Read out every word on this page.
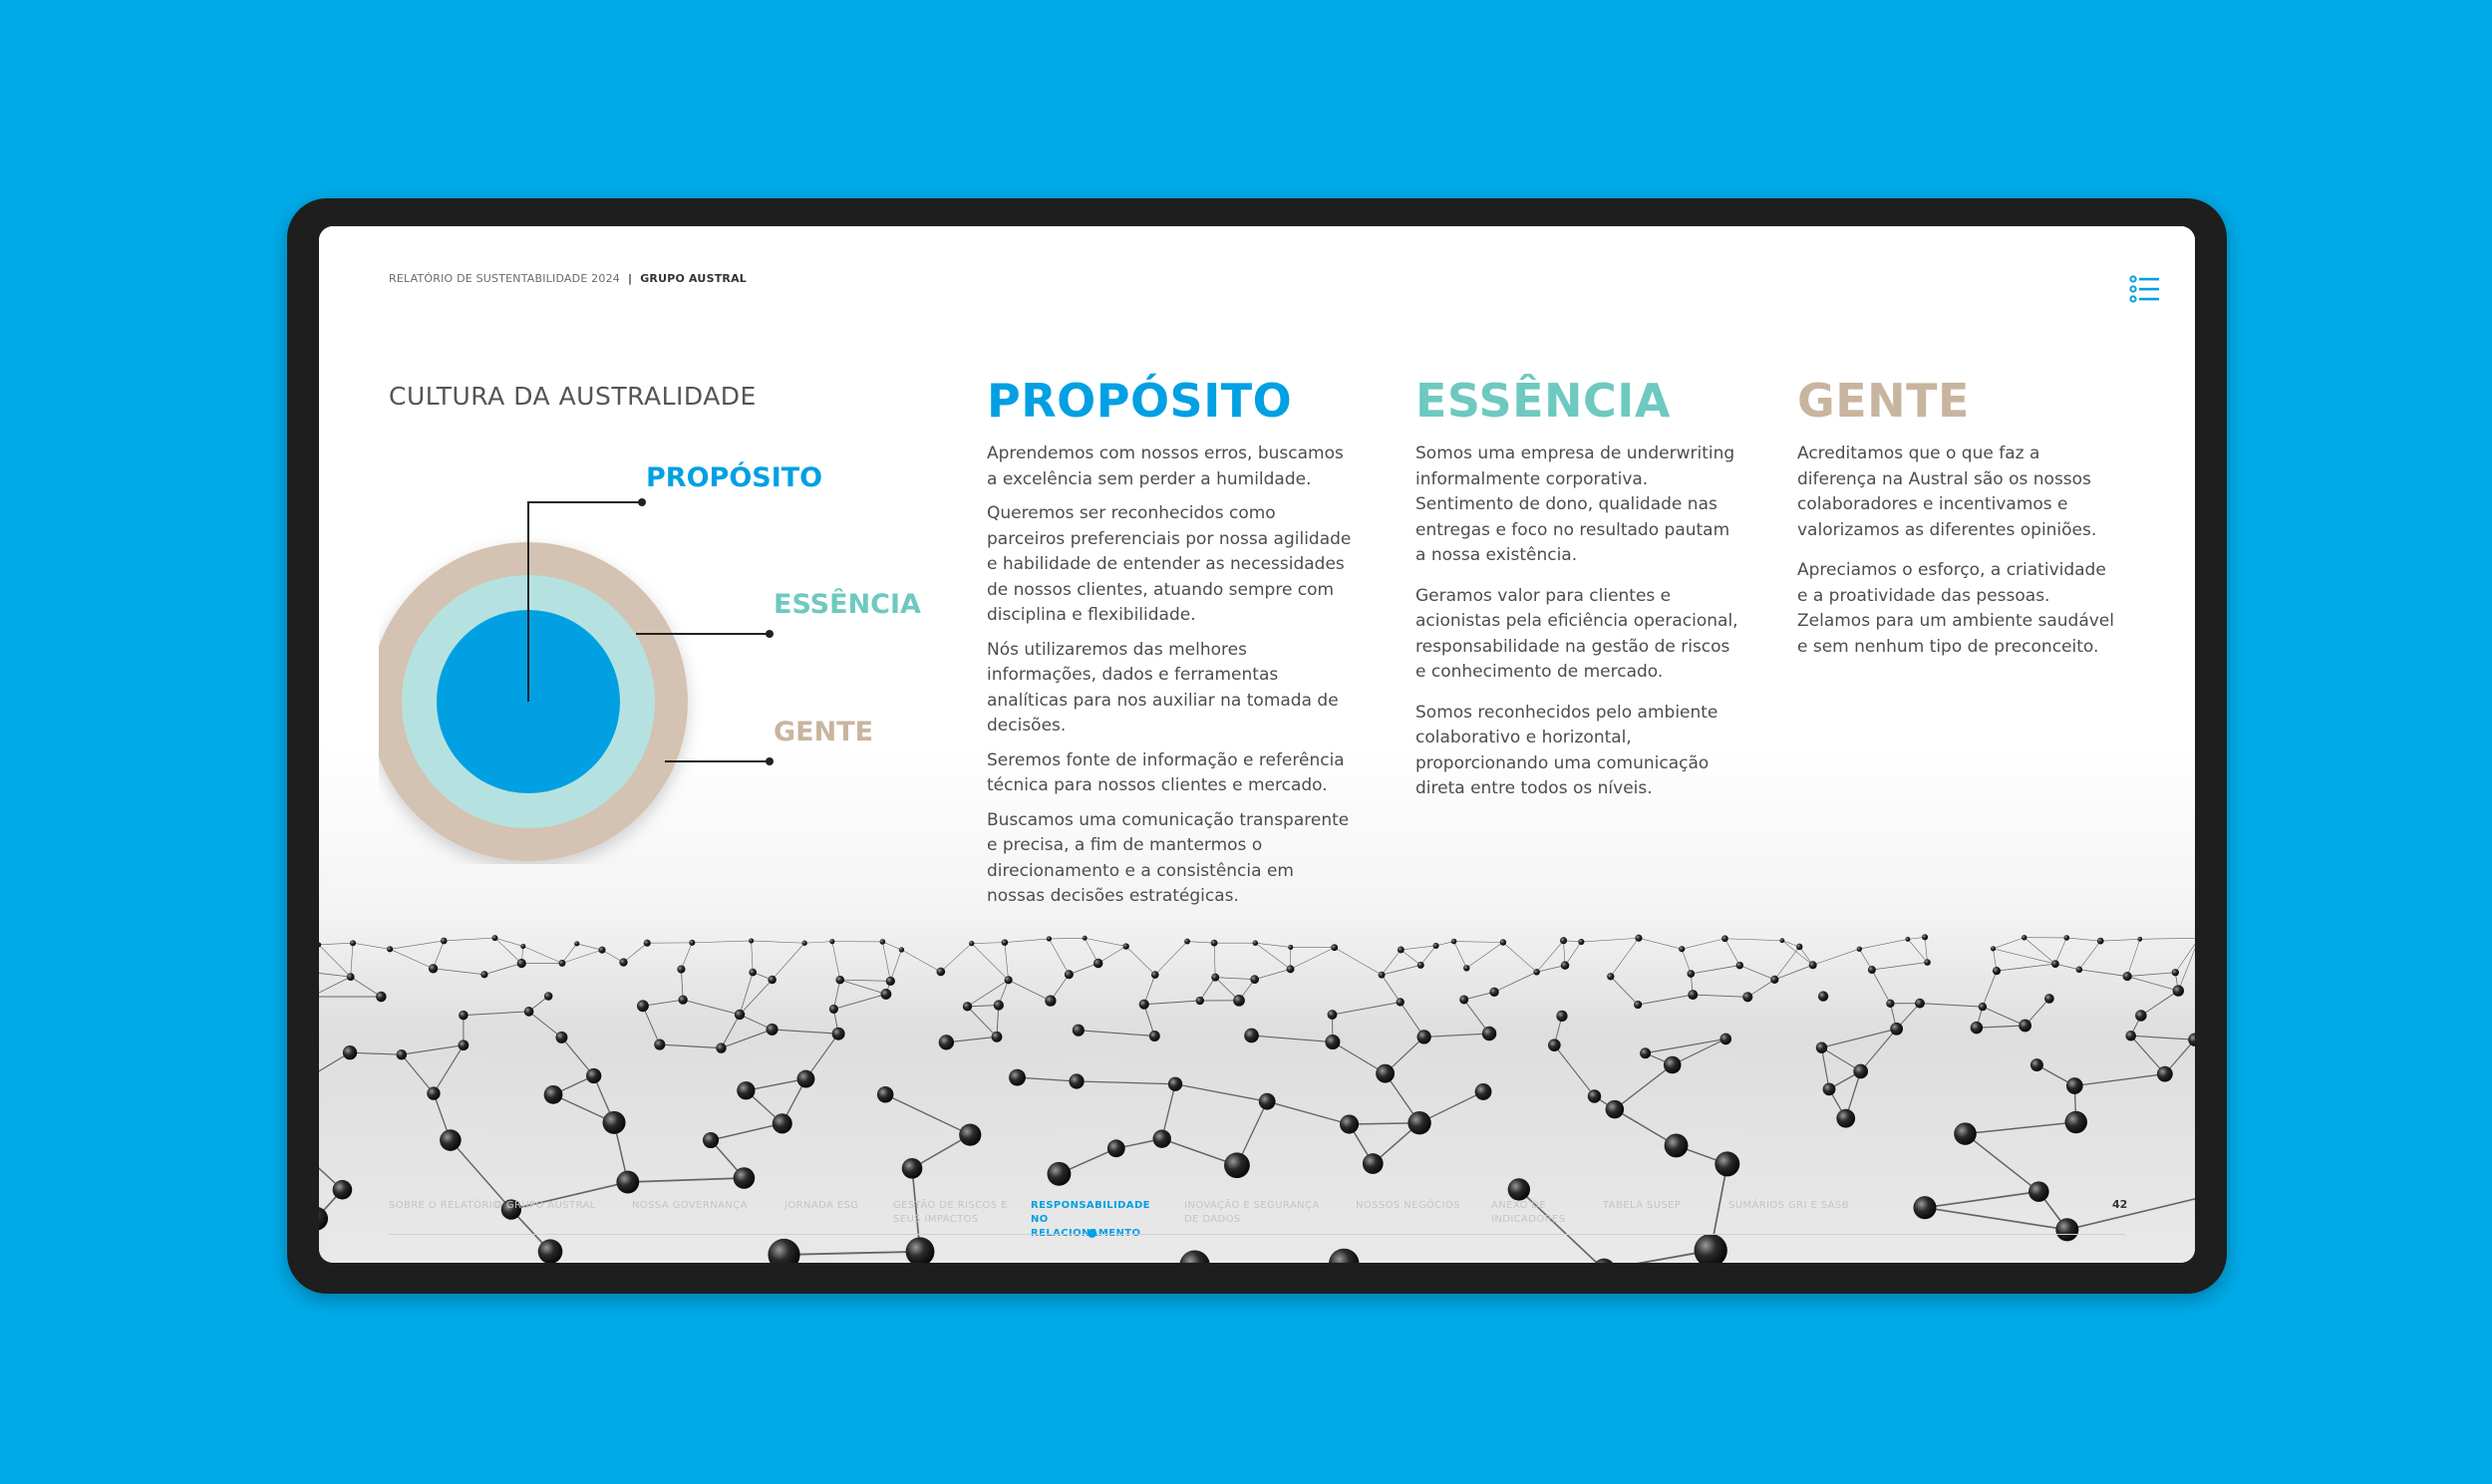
RELATÓRIO DE SUSTENTABILIDADE 2024 | GRUPO AUSTRAL
CULTURA DA AUSTRALIDADE
PROPÓSITO
ESSÊNCIA
GENTE
PROPÓSITO

Aprendemos com nossos erros, buscamos a excelência sem perder a humildade.

Queremos ser reconhecidos como parceiros preferenciais por nossa agilidade e habilidade de entender as necessidades de nossos clientes, atuando sempre com disciplina e flexibilidade.

Nós utilizaremos das melhores informações, dados e ferramentas analíticas para nos auxiliar na tomada de decisões.

Seremos fonte de informação e referência técnica para nossos clientes e mercado.

Buscamos uma comunicação transparente e precisa, a fim de mantermos o direcionamento e a consistência em nossas decisões estratégicas.

ESSÊNCIA

Somos uma empresa de underwriting informalmente corporativa. Sentimento de dono, qualidade nas entregas e foco no resultado pautam a nossa existência.

Geramos valor para clientes e acionistas pela eficiência operacional, responsabilidade na gestão de riscos e conhecimento de mercado.

Somos reconhecidos pelo ambiente colaborativo e horizontal, proporcionando uma comunicação direta entre todos os níveis.

GENTE

Acreditamos que o que faz a diferença na Austral são os nossos colaboradores e incentivamos e valorizamos as diferentes opiniões.

Apreciamos o esforço, a criatividade e a proatividade das pessoas. Zelamos para um ambiente saudável e sem nenhum tipo de preconceito.

SOBRE O RELATÓRIO
O GRUPO AUSTRAL	NOSSA GOVERNANÇA	JORNADA ESG	GESTÃO DE RISCOS E SEUS IMPACTOS
RESPONSABILIDADE NO
INOVAÇÃO E SEGURANÇA DE DADOS
NOSSOS NEGÓCIOS	ANEXO DE INDICADORES
TABELA SUSEP	SUMÁRIOS GRI E SASB	42
